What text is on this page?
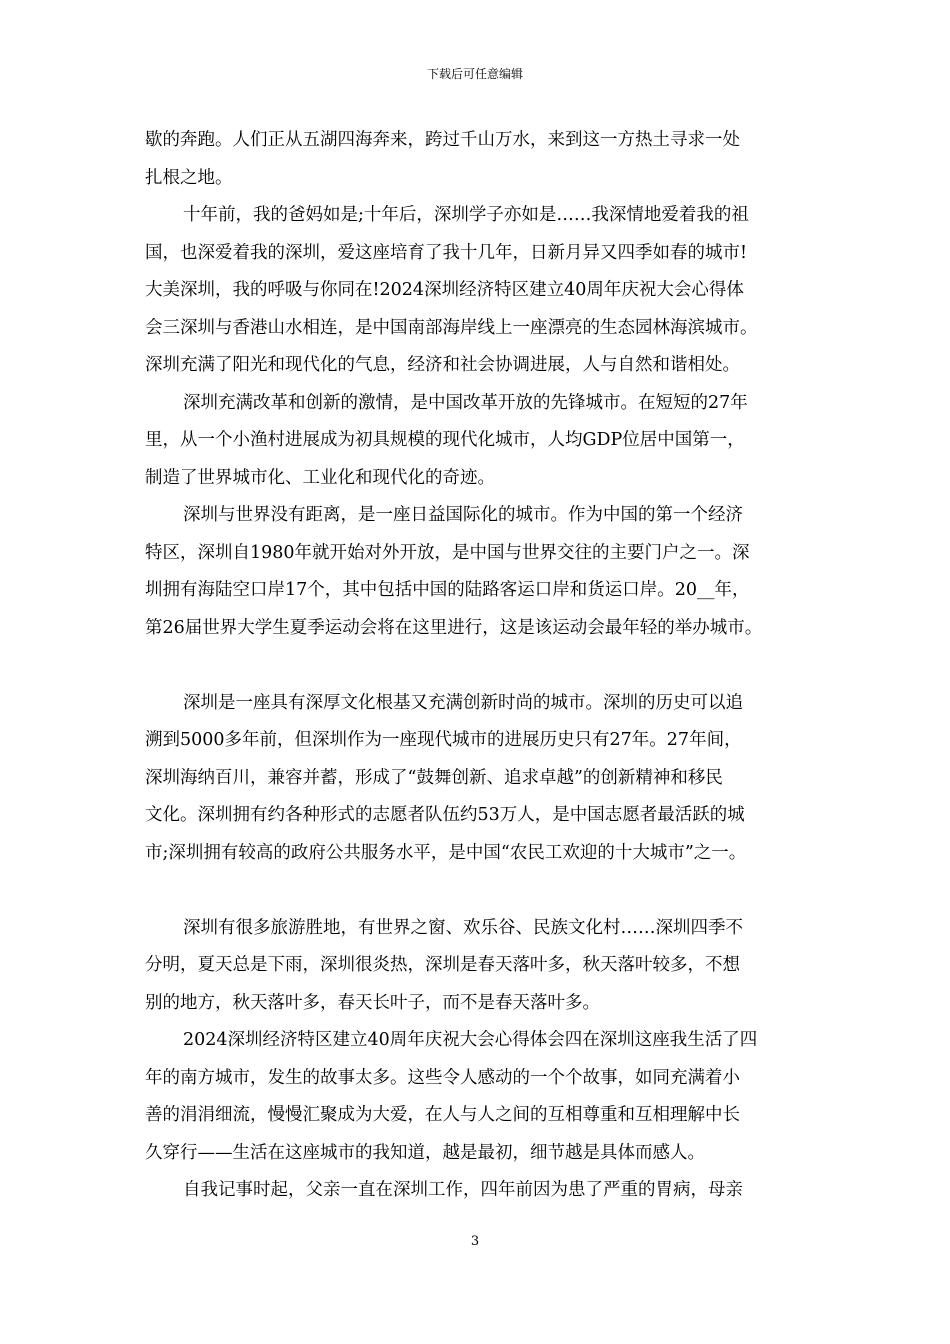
下载后可任意编辑

歇的奔跑。人们正从五湖四海奔来，跨过千山万水，来到这一方热土寻求一处

扎根之地。

十年前，我的爸妈如是;十年后，深圳学子亦如是……我深情地爱着我的祖

国，也深爱着我的深圳，爱这座培育了我十几年，日新月异又四季如春的城市!

大美深圳，我的呼吸与你同在!2024深圳经济特区建立40周年庆祝大会心得体

会三深圳与香港山水相连，是中国南部海岸线上一座漂亮的生态园林海滨城市。

深圳充满了阳光和现代化的气息，经济和社会协调进展，人与自然和谐相处。

深圳充满改革和创新的激情，是中国改革开放的先锋城市。在短短的27年

里，从一个小渔村进展成为初具规模的现代化城市，人均GDP位居中国第一，

制造了世界城市化、工业化和现代化的奇迹。

深圳与世界没有距离，是一座日益国际化的城市。作为中国的第一个经济

特区，深圳自1980年就开始对外开放，是中国与世界交往的主要门户之一。深

圳拥有海陆空口岸17个，其中包括中国的陆路客运口岸和货运口岸。20__年，

第26届世界大学生夏季运动会将在这里进行，这是该运动会最年轻的举办城市。

深圳是一座具有深厚文化根基又充满创新时尚的城市。深圳的历史可以追

溯到5000多年前，但深圳作为一座现代城市的进展历史只有27年。27年间，

深圳海纳百川，兼容并蓄，形成了“鼓舞创新、追求卓越”的创新精神和移民

文化。深圳拥有约各种形式的志愿者队伍约53万人，是中国志愿者最活跃的城

市;深圳拥有较高的政府公共服务水平，是中国“农民工欢迎的十大城市”之一。

深圳有很多旅游胜地，有世界之窗、欢乐谷、民族文化村……深圳四季不

分明，夏天总是下雨，深圳很炎热，深圳是春天落叶多，秋天落叶较多，不想

别的地方，秋天落叶多，春天长叶子，而不是春天落叶多。

2024深圳经济特区建立40周年庆祝大会心得体会四在深圳这座我生活了四

年的南方城市，发生的故事太多。这些令人感动的一个个故事，如同充满着小

善的涓涓细流，慢慢汇聚成为大爱，在人与人之间的互相尊重和互相理解中长

久穿行——生活在这座城市的我知道，越是最初，细节越是具体而感人。

自我记事时起，父亲一直在深圳工作，四年前因为患了严重的胃病，母亲

3
